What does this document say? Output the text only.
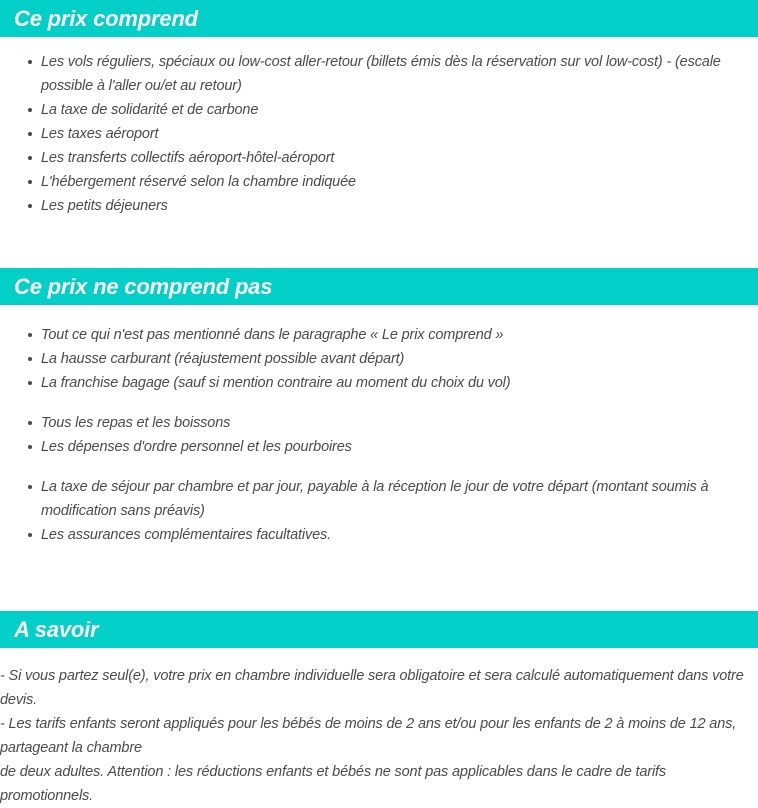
Ce prix comprend
Les vols réguliers, spéciaux ou low-cost aller-retour (billets émis dès la réservation sur vol low-cost) - (escale possible à l'aller ou/et au retour)
La taxe de solidarité et de carbone
Les taxes aéroport
Les transferts collectifs aéroport-hôtel-aéroport
L'hébergement réservé selon la chambre indiquée
Les petits déjeuners
Ce prix ne comprend pas
Tout ce qui n'est pas mentionné dans le paragraphe « Le prix comprend »
La hausse carburant (réajustement possible avant départ)
La franchise bagage (sauf si mention contraire au moment du choix du vol)
Tous les repas et les boissons
Les dépenses d'ordre personnel et les pourboires
La taxe de séjour par chambre et par jour, payable à la réception le jour de votre départ (montant soumis à modification sans préavis)
Les assurances complémentaires facultatives.
A savoir

- Si vous partez seul(e), votre prix en chambre individuelle sera obligatoire et sera calculé automatiquement dans votre devis.

- Les tarifs enfants seront appliqués pour les bébés de moins de 2 ans et/ou pour les enfants de 2 à moins de 12 ans, partageant la chambre

de deux adultes. Attention : les réductions enfants et bébés ne sont pas applicables dans le cadre de tarifs promotionnels.
